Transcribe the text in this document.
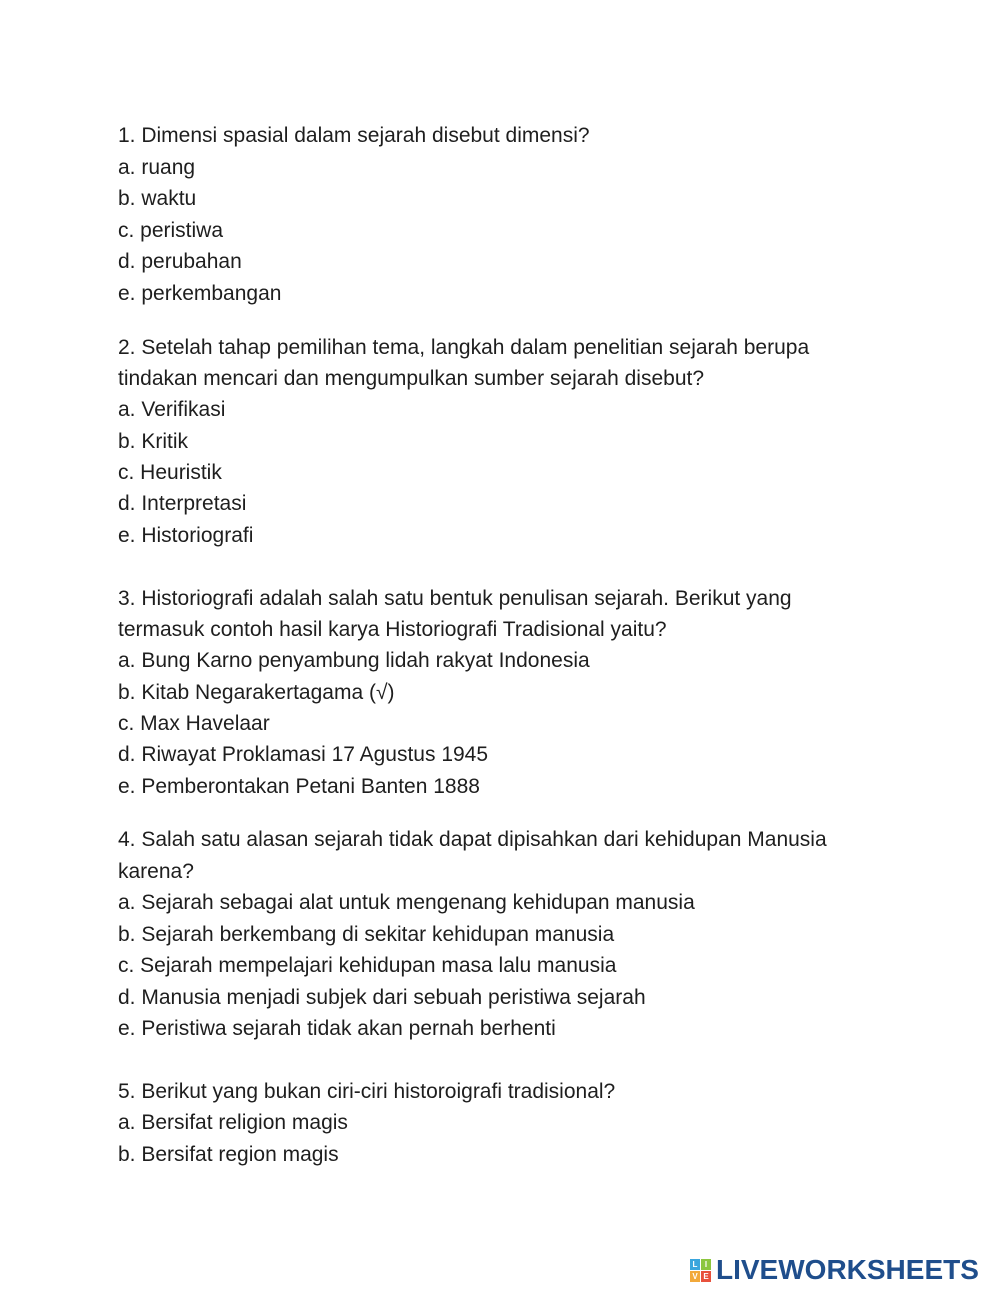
1. Dimensi spasial dalam sejarah disebut dimensi?
a. ruang
b. waktu
c. peristiwa
d. perubahan
e. perkembangan
2. Setelah tahap pemilihan tema, langkah dalam penelitian sejarah berupa
tindakan mencari dan mengumpulkan sumber sejarah disebut?
a. Verifikasi
b. Kritik
c. Heuristik
d. Interpretasi
e. Historiografi
3. Historiografi adalah salah satu bentuk penulisan sejarah. Berikut yang
termasuk contoh hasil karya Historiografi Tradisional yaitu?
a. Bung Karno penyambung lidah rakyat Indonesia
b. Kitab Negarakertagama (√)
c. Max Havelaar
d. Riwayat Proklamasi 17 Agustus 1945
e. Pemberontakan Petani Banten 1888
4. Salah satu alasan sejarah tidak dapat dipisahkan dari kehidupan Manusia
karena?
a. Sejarah sebagai alat untuk mengenang kehidupan manusia
b. Sejarah berkembang di sekitar kehidupan manusia
c. Sejarah mempelajari kehidupan masa lalu manusia
d. Manusia menjadi subjek dari sebuah peristiwa sejarah
e. Peristiwa sejarah tidak akan pernah berhenti
5. Berikut yang bukan ciri-ciri historoigrafi tradisional?
a. Bersifat religion magis
b. Bersifat region magis
L I
V E LIVEWORKSHEETS
